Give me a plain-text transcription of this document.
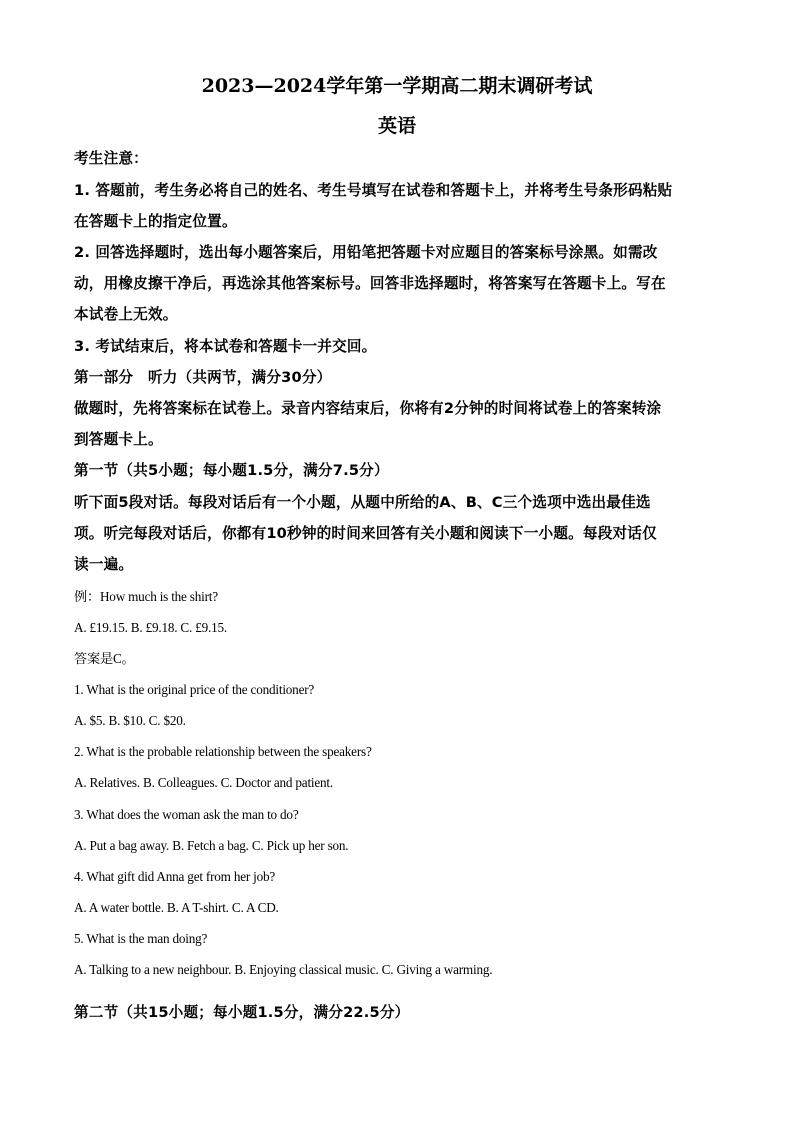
2023—2024学年第一学期高二期末调研考试
英语
考生注意：
1. 答题前，考生务必将自己的姓名、考生号填写在试卷和答题卡上，并将考生号条形码粘贴
在答题卡上的指定位置。
2. 回答选择题时，选出每小题答案后，用铅笔把答题卡对应题目的答案标号涂黑。如需改
动，用橡皮擦干净后，再选涂其他答案标号。回答非选择题时，将答案写在答题卡上。写在
本试卷上无效。
3. 考试结束后，将本试卷和答题卡一并交回。
第一部分　听力（共两节，满分30分）
做题时，先将答案标在试卷上。录音内容结束后，你将有2分钟的时间将试卷上的答案转涂
到答题卡上。
第一节（共5小题；每小题1.5分，满分7.5分）
听下面5段对话。每段对话后有一个小题，从题中所给的A、B、C三个选项中选出最佳选
项。听完每段对话后，你都有10秒钟的时间来回答有关小题和阅读下一小题。每段对话仅
读一遍。
例：How much is the shirt?
A. £19.15. B. £9.18. C. £9.15.
答案是C。
1. What is the original price of the conditioner?
A. $5. B. $10. C. $20.
2. What is the probable relationship between the speakers?
A. Relatives. B. Colleagues. C. Doctor and patient.
3. What does the woman ask the man to do?
A. Put a bag away. B. Fetch a bag. C. Pick up her son.
4. What gift did Anna get from her job?
A. A water bottle. B. A T-shirt. C. A CD.
5. What is the man doing?
A. Talking to a new neighbour. B. Enjoying classical music. C. Giving a warming.
第二节（共15小题；每小题1.5分，满分22.5分）
